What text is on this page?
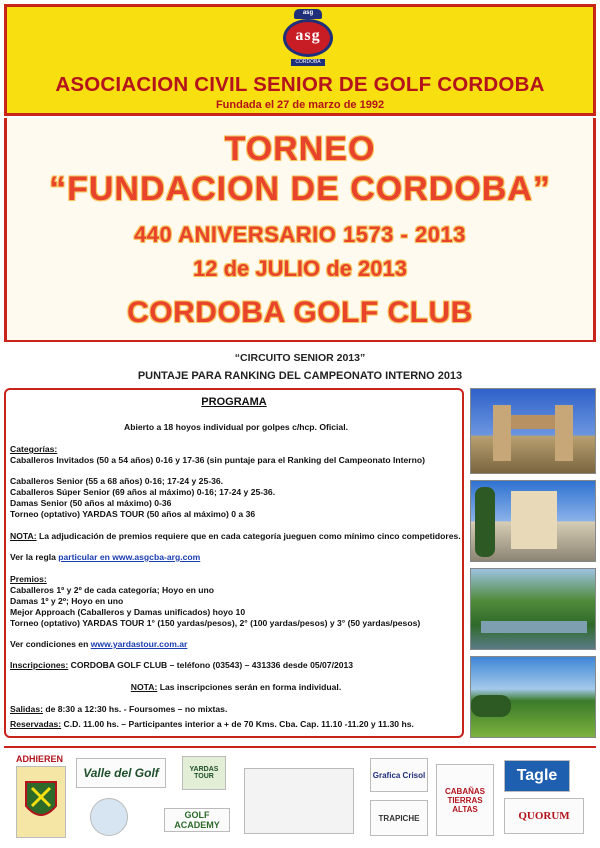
asg
asg
CORDOBA
ASOCIACION CIVIL SENIOR DE GOLF CORDOBA
Fundada el 27 de marzo de 1992
TORNEO
“FUNDACION DE CORDOBA”
440 ANIVERSARIO 1573 - 2013
12 de JULIO de 2013
CORDOBA GOLF CLUB
“CIRCUITO SENIOR 2013”
PUNTAJE PARA RANKING DEL CAMPEONATO INTERNO 2013
PROGRAMA
Abierto a 18 hoyos individual por golpes c/hcp. Oficial.
Categorías:
Caballeros Invitados (50 a 54 años) 0-16 y 17-36 (sin puntaje para el Ranking del Campeonato Interno)
Caballeros Senior (55 a 68 años) 0-16; 17-24 y 25-36.
Caballeros Súper Senior (69 años al máximo) 0-16; 17-24 y 25-36.
Damas Senior (50 años al máximo) 0-36
Torneo (optativo) YARDAS TOUR (50 años al máximo) 0 a 36
NOTA: La adjudicación de premios requiere que en cada categoría jueguen como mínimo cinco competidores.
Ver la regla particular en www.asgcba-arg.com
Premios:
Caballeros 1º y 2º de cada categoría; Hoyo en uno
Damas 1º y 2º; Hoyo en uno
Mejor Approach (Caballeros y Damas unificados) hoyo 10
Torneo (optativo) YARDAS TOUR 1° (150 yardas/pesos), 2° (100 yardas/pesos) y 3° (50 yardas/pesos)
Ver condiciones en www.yardastour.com.ar
Inscripciones: CORDOBA GOLF CLUB – teléfono (03543) – 431336 desde 05/07/2013
NOTA: Las inscripciones serán en forma individual.
Salidas: de 8:30 a 12:30 hs. - Foursomes – no mixtas.
Reservadas: C.D. 11.00 hs. – Participantes interior a + de 70 Kms. Cba. Cap. 11.10 -11.20 y 11.30 hs.
ADHIEREN
Valle del Golf	YARDAS TOUR
GOLF ACADEMY
Grafica Crisol
TRAPICHE
CABAÑAS TIERRAS ALTAS
Tagle
QUORUM
